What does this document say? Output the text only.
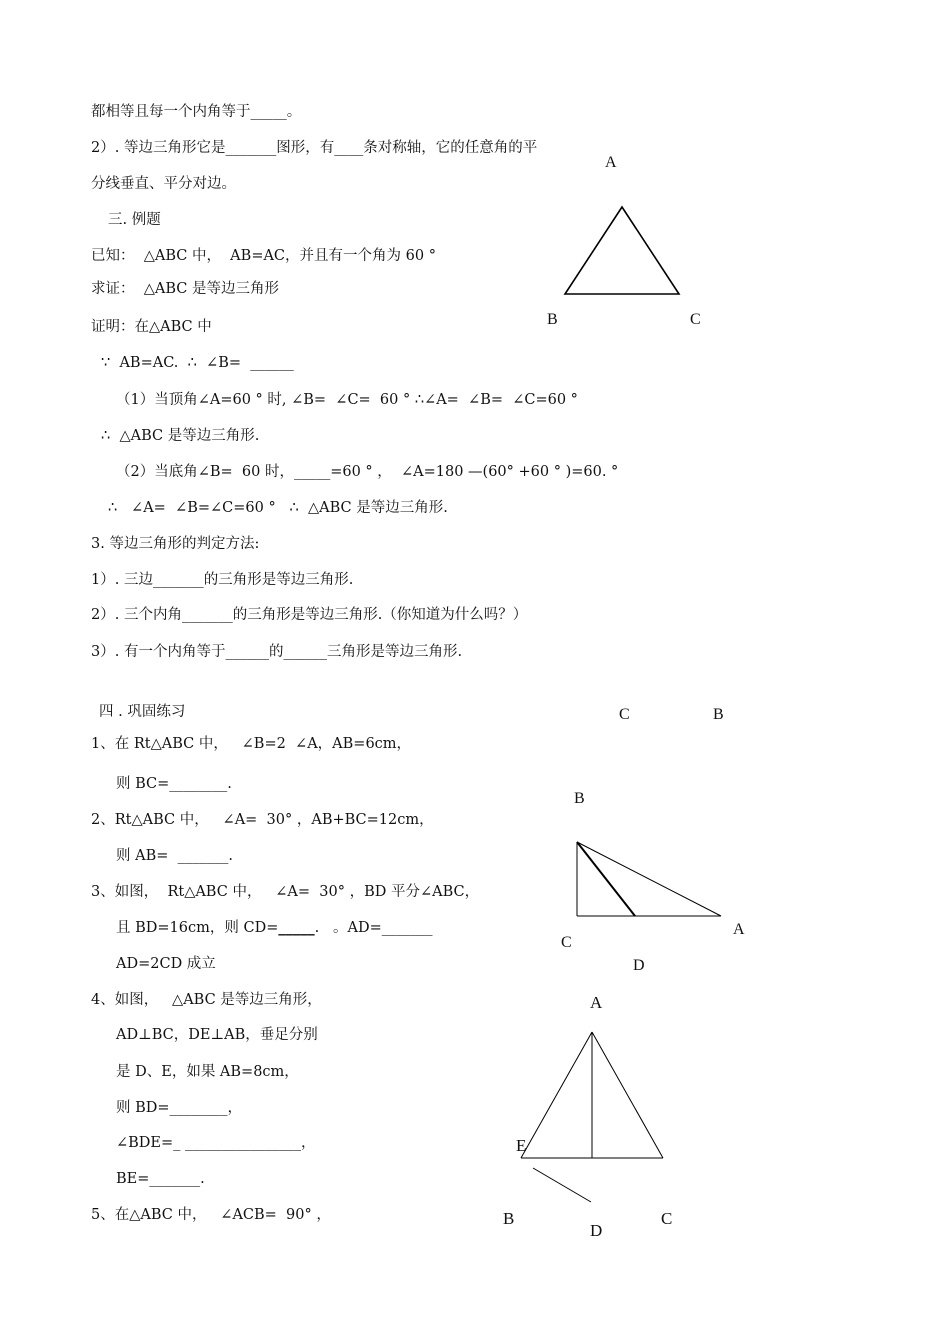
都相等且每一个内角等于_____。
2）. 等边三角形它是_______图形，有____条对称轴，它的任意角的平
分线垂直、平分对边。
三. 例题
已知：  △ABC 中，  AB=AC，并且有一个角为 60 °
求证：  △ABC 是等边三角形
证明：在△ABC 中
∵  AB=AC.  ∴  ∠B=  ______
（1）当顶角∠A=60 ° 时, ∠B=  ∠C=  60 ° ∴∠A=  ∠B=  ∠C=60 °
∴  △ABC 是等边三角形.
（2）当底角∠B=  60 时，_____=60 ° ，  ∠A=180 —(60° +60 ° )=60. °
∴   ∠A=  ∠B=∠C=60 °   ∴  △ABC 是等边三角形.
3. 等边三角形的判定方法:
1）. 三边_______的三角形是等边三角形.
2）. 三个内角_______的三角形是等边三角形.（你知道为什么吗？）
3）. 有一个内角等于______的______三角形是等边三角形.
四 . 巩固练习
1、在 Rt△ABC 中，   ∠B=2  ∠A，AB=6cm，
则 BC=________.
2、Rt△ABC 中，   ∠A=  30° ，AB+BC=12cm，
则 AB=  _______.
3、如图，  Rt△ABC 中，   ∠A=  30° ，BD 平分∠ABC，
且 BD=16cm，则 CD=_____.   。AD=_______
AD=2CD 成立
4、如图，   △ABC 是等边三角形，
AD⊥BC，DE⊥AB，垂足分别
是 D、E，如果 AB=8cm，
则 BD=________，
∠BDE=_ ________________，
BE=_______.
5、在△ABC 中，   ∠ACB=  90° ，
A
B	C
C	B
B
C
A
D
A
E
B	C
D
